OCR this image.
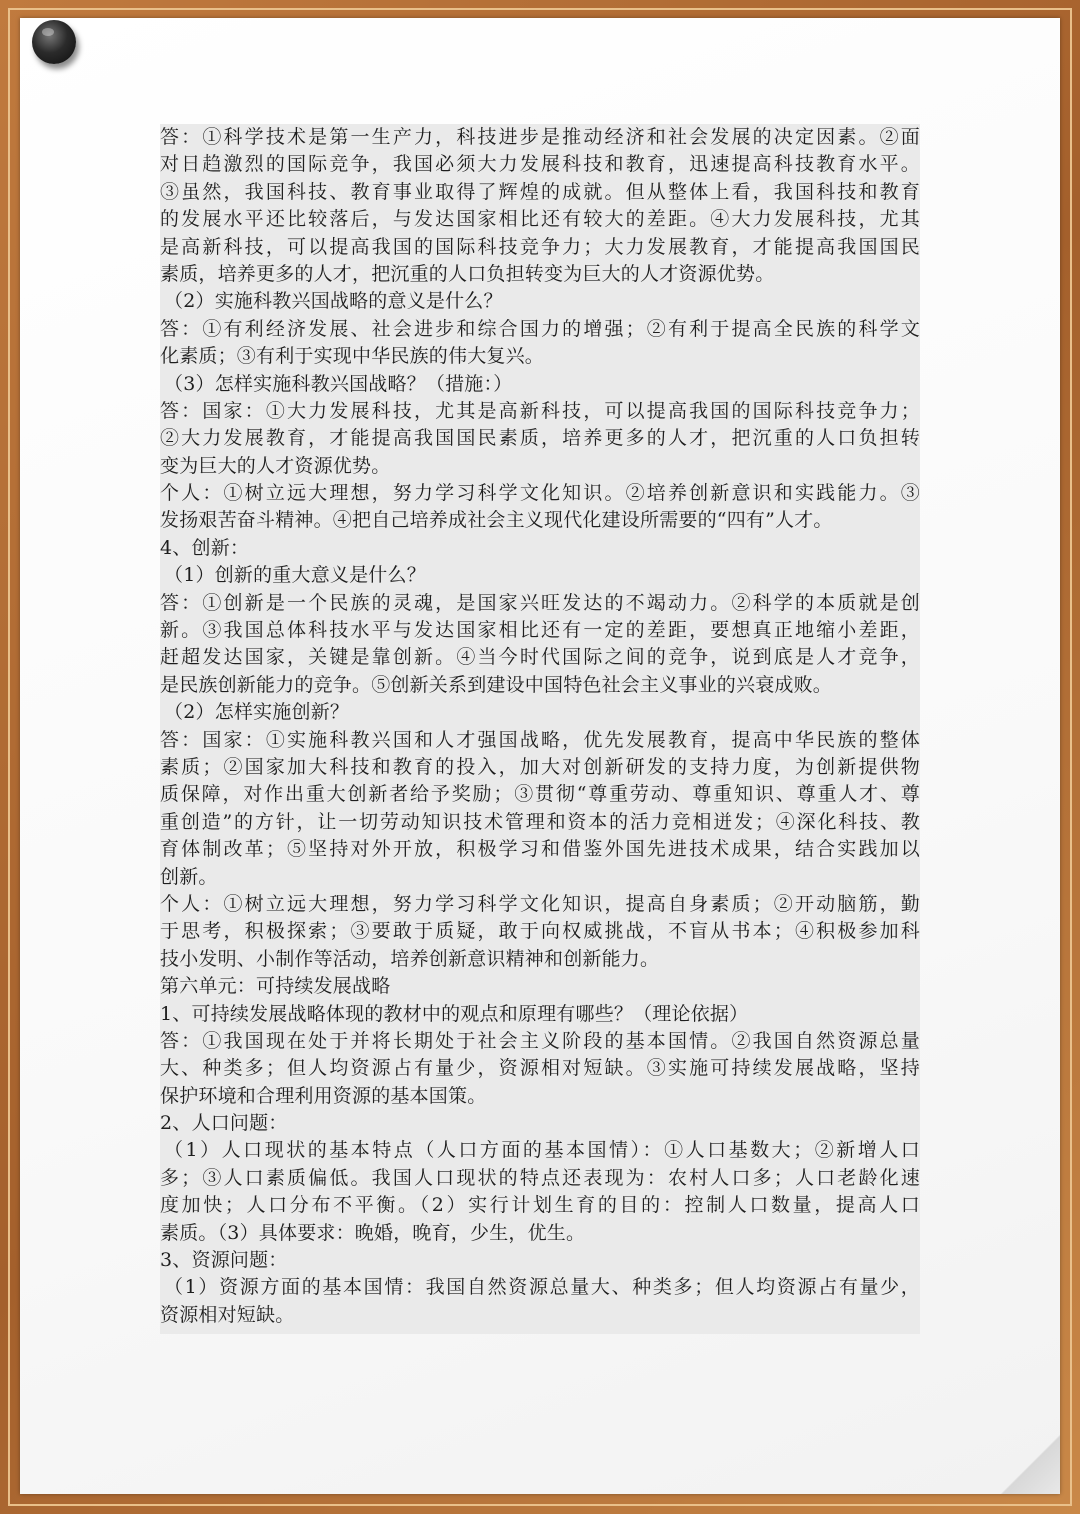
答：①科学技术是第一生产力，科技进步是推动经济和社会发展的决定因素。②面
对日趋激烈的国际竞争，我国必须大力发展科技和教育，迅速提高科技教育水平。
③虽然，我国科技、教育事业取得了辉煌的成就。但从整体上看，我国科技和教育
的发展水平还比较落后，与发达国家相比还有较大的差距。④大力发展科技，尤其
是高新科技，可以提高我国的国际科技竞争力；大力发展教育，才能提高我国国民
素质，培养更多的人才，把沉重的人口负担转变为巨大的人才资源优势。
（2）实施科教兴国战略的意义是什么？
答：①有利经济发展、社会进步和综合国力的增强；②有利于提高全民族的科学文
化素质；③有利于实现中华民族的伟大复兴。
（3）怎样实施科教兴国战略？（措施：）
答：国家：①大力发展科技，尤其是高新科技，可以提高我国的国际科技竞争力；
②大力发展教育，才能提高我国国民素质，培养更多的人才，把沉重的人口负担转
变为巨大的人才资源优势。
个人：①树立远大理想，努力学习科学文化知识。②培养创新意识和实践能力。③
发扬艰苦奋斗精神。④把自己培养成社会主义现代化建设所需要的“四有”人才。
4、创新：
（1）创新的重大意义是什么？
答：①创新是一个民族的灵魂，是国家兴旺发达的不竭动力。②科学的本质就是创
新。③我国总体科技水平与发达国家相比还有一定的差距，要想真正地缩小差距，
赶超发达国家，关键是靠创新。④当今时代国际之间的竞争，说到底是人才竞争，
是民族创新能力的竞争。⑤创新关系到建设中国特色社会主义事业的兴衰成败。
（2）怎样实施创新？
答：国家：①实施科教兴国和人才强国战略，优先发展教育，提高中华民族的整体
素质；②国家加大科技和教育的投入，加大对创新研发的支持力度，为创新提供物
质保障，对作出重大创新者给予奖励；③贯彻“尊重劳动、尊重知识、尊重人才、尊
重创造”的方针，让一切劳动知识技术管理和资本的活力竞相迸发；④深化科技、教
育体制改革；⑤坚持对外开放，积极学习和借鉴外国先进技术成果，结合实践加以
创新。
个人：①树立远大理想，努力学习科学文化知识，提高自身素质；②开动脑筋，勤
于思考，积极探索；③要敢于质疑，敢于向权威挑战，不盲从书本；④积极参加科
技小发明、小制作等活动，培养创新意识精神和创新能力。
第六单元：可持续发展战略
1、可持续发展战略体现的教材中的观点和原理有哪些？（理论依据）
答：①我国现在处于并将长期处于社会主义阶段的基本国情。②我国自然资源总量
大、种类多；但人均资源占有量少，资源相对短缺。③实施可持续发展战略，坚持
保护环境和合理利用资源的基本国策。
2、人口问题：
（1）人口现状的基本特点（人口方面的基本国情）：①人口基数大；②新增人口
多；③人口素质偏低。我国人口现状的特点还表现为：农村人口多；人口老龄化速
度加快；人口分布不平衡。（2）实行计划生育的目的：控制人口数量，提高人口
素质。（3）具体要求：晚婚，晚育，少生，优生。
3、资源问题：
（1）资源方面的基本国情：我国自然资源总量大、种类多；但人均资源占有量少，
资源相对短缺。
